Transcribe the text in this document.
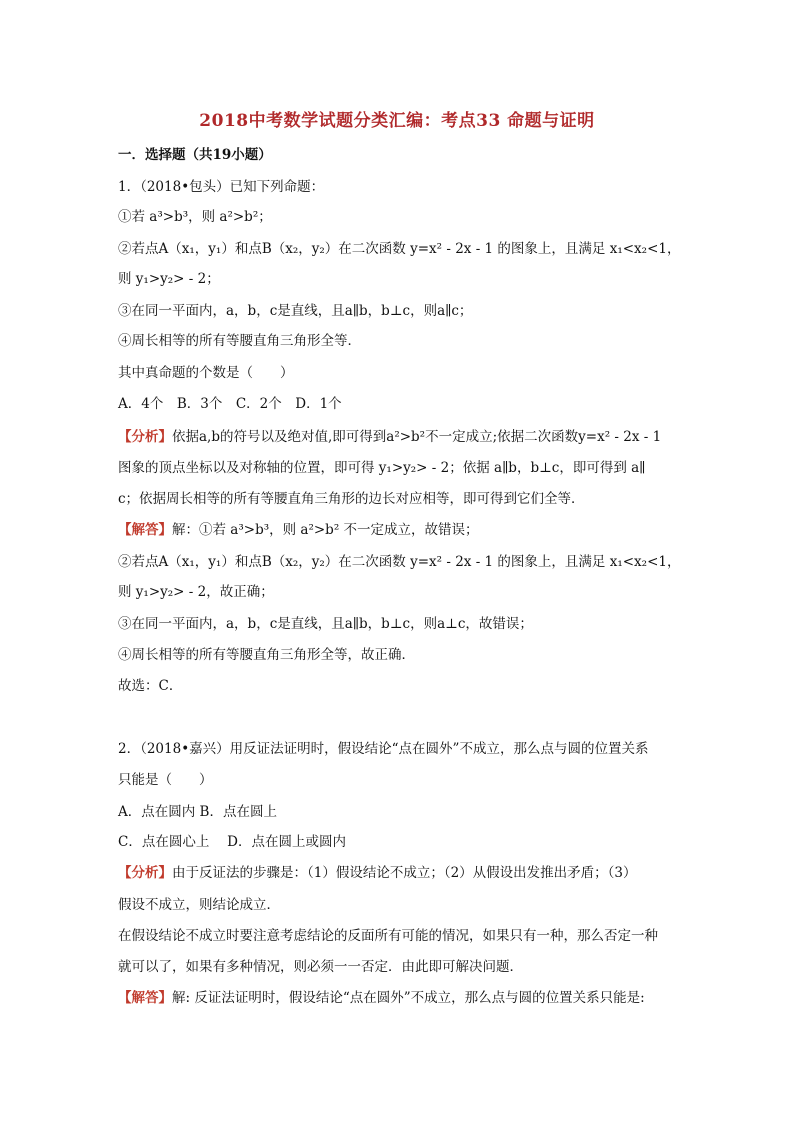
2018中考数学试题分类汇编：考点33 命题与证明
一．选择题（共19小题）
1．（2018•包头）已知下列命题：
①若 a³>b³，则 a²>b²；
②若点A（x₁，y₁）和点B（x₂，y₂）在二次函数 y=x² - 2x - 1 的图象上，且满足 x₁<x₂<1，
则 y₁>y₂> - 2；
③在同一平面内，a，b，c是直线，且a∥b，b⊥c，则a∥c；
④周长相等的所有等腰直角三角形全等．
其中真命题的个数是（　　）
A．4个　B．3个　C．2个　D．1个
【分析】依据a,b的符号以及绝对值,即可得到a²>b²不一定成立;依据二次函数y=x² - 2x - 1
图象的顶点坐标以及对称轴的位置，即可得 y₁>y₂> - 2；依据 a∥b，b⊥c，即可得到 a∥
c；依据周长相等的所有等腰直角三角形的边长对应相等，即可得到它们全等．
【解答】解：①若 a³>b³，则 a²>b² 不一定成立，故错误；
②若点A（x₁，y₁）和点B（x₂，y₂）在二次函数 y=x² - 2x - 1 的图象上，且满足 x₁<x₂<1，
则 y₁>y₂> - 2，故正确；
③在同一平面内，a，b，c是直线，且a∥b，b⊥c，则a⊥c，故错误；
④周长相等的所有等腰直角三角形全等，故正确．
故选：C．
2．（2018•嘉兴）用反证法证明时，假设结论“点在圆外”不成立，那么点与圆的位置关系
只能是（　　）
A．点在圆内 B．点在圆上
C．点在圆心上　 D．点在圆上或圆内
【分析】由于反证法的步骤是：（1）假设结论不成立；（2）从假设出发推出矛盾；（3）
假设不成立，则结论成立．
在假设结论不成立时要注意考虑结论的反面所有可能的情况，如果只有一种，那么否定一种
就可以了，如果有多种情况，则必须一一否定．由此即可解决问题．
【解答】解: 反证法证明时，假设结论“点在圆外”不成立，那么点与圆的位置关系只能是:
